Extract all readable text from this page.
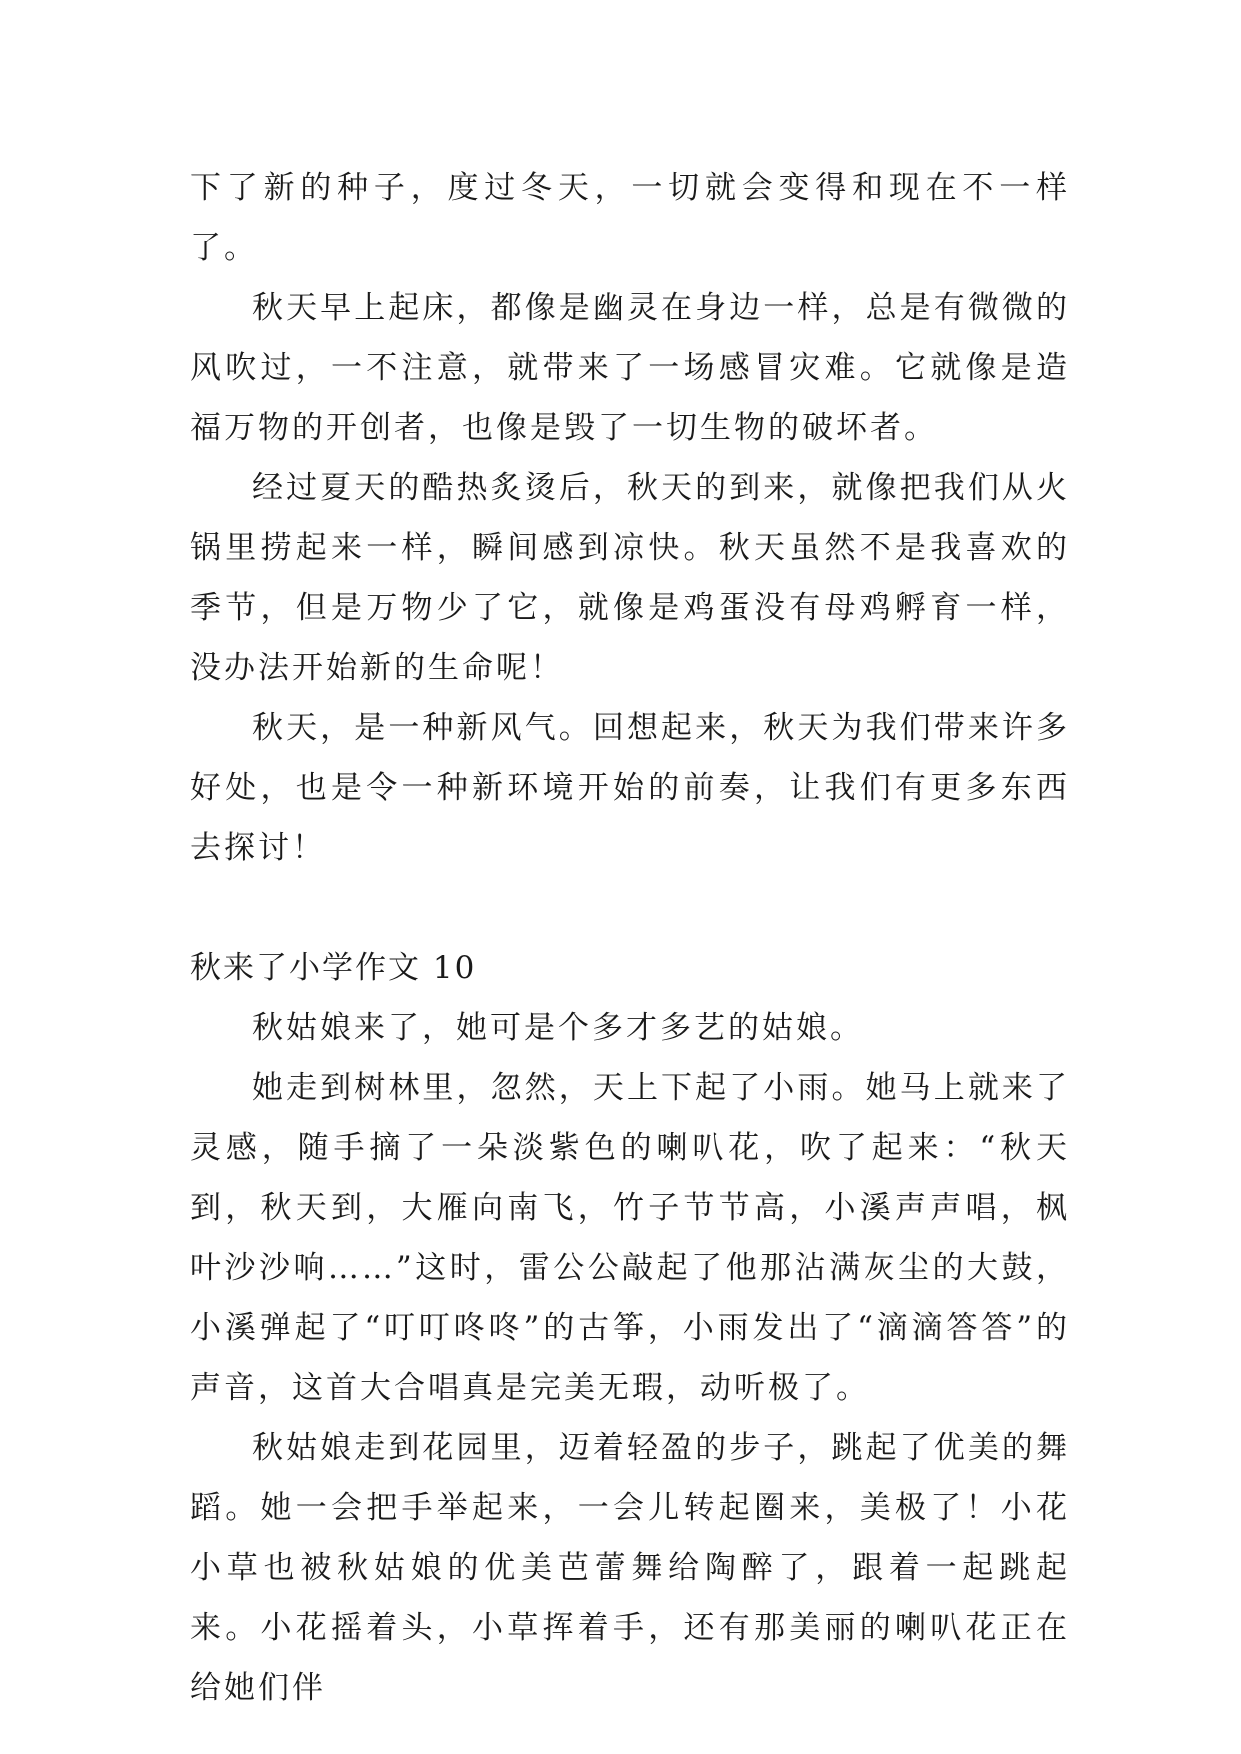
下了新的种子，度过冬天，一切就会变得和现在不一样了。

秋天早上起床，都像是幽灵在身边一样，总是有微微的风吹过，一不注意，就带来了一场感冒灾难。它就像是造福万物的开创者，也像是毁了一切生物的破坏者。

经过夏天的酷热炙烫后，秋天的到来，就像把我们从火锅里捞起来一样，瞬间感到凉快。秋天虽然不是我喜欢的季节，但是万物少了它，就像是鸡蛋没有母鸡孵育一样，没办法开始新的生命呢！

秋天，是一种新风气。回想起来，秋天为我们带来许多好处，也是令一种新环境开始的前奏，让我们有更多东西去探讨！

秋来了小学作文 10

秋姑娘来了，她可是个多才多艺的姑娘。

她走到树林里，忽然，天上下起了小雨。她马上就来了灵感，随手摘了一朵淡紫色的喇叭花，吹了起来：“秋天到，秋天到，大雁向南飞，竹子节节高，小溪声声唱，枫叶沙沙响……”这时，雷公公敲起了他那沾满灰尘的大鼓，小溪弹起了“叮叮咚咚”的古筝，小雨发出了“滴滴答答”的声音，这首大合唱真是完美无瑕，动听极了。

秋姑娘走到花园里，迈着轻盈的步子，跳起了优美的舞蹈。她一会把手举起来，一会儿转起圈来，美极了！小花小草也被秋姑娘的优美芭蕾舞给陶醉了，跟着一起跳起来。小花摇着头，小草挥着手，还有那美丽的喇叭花正在给她们伴
